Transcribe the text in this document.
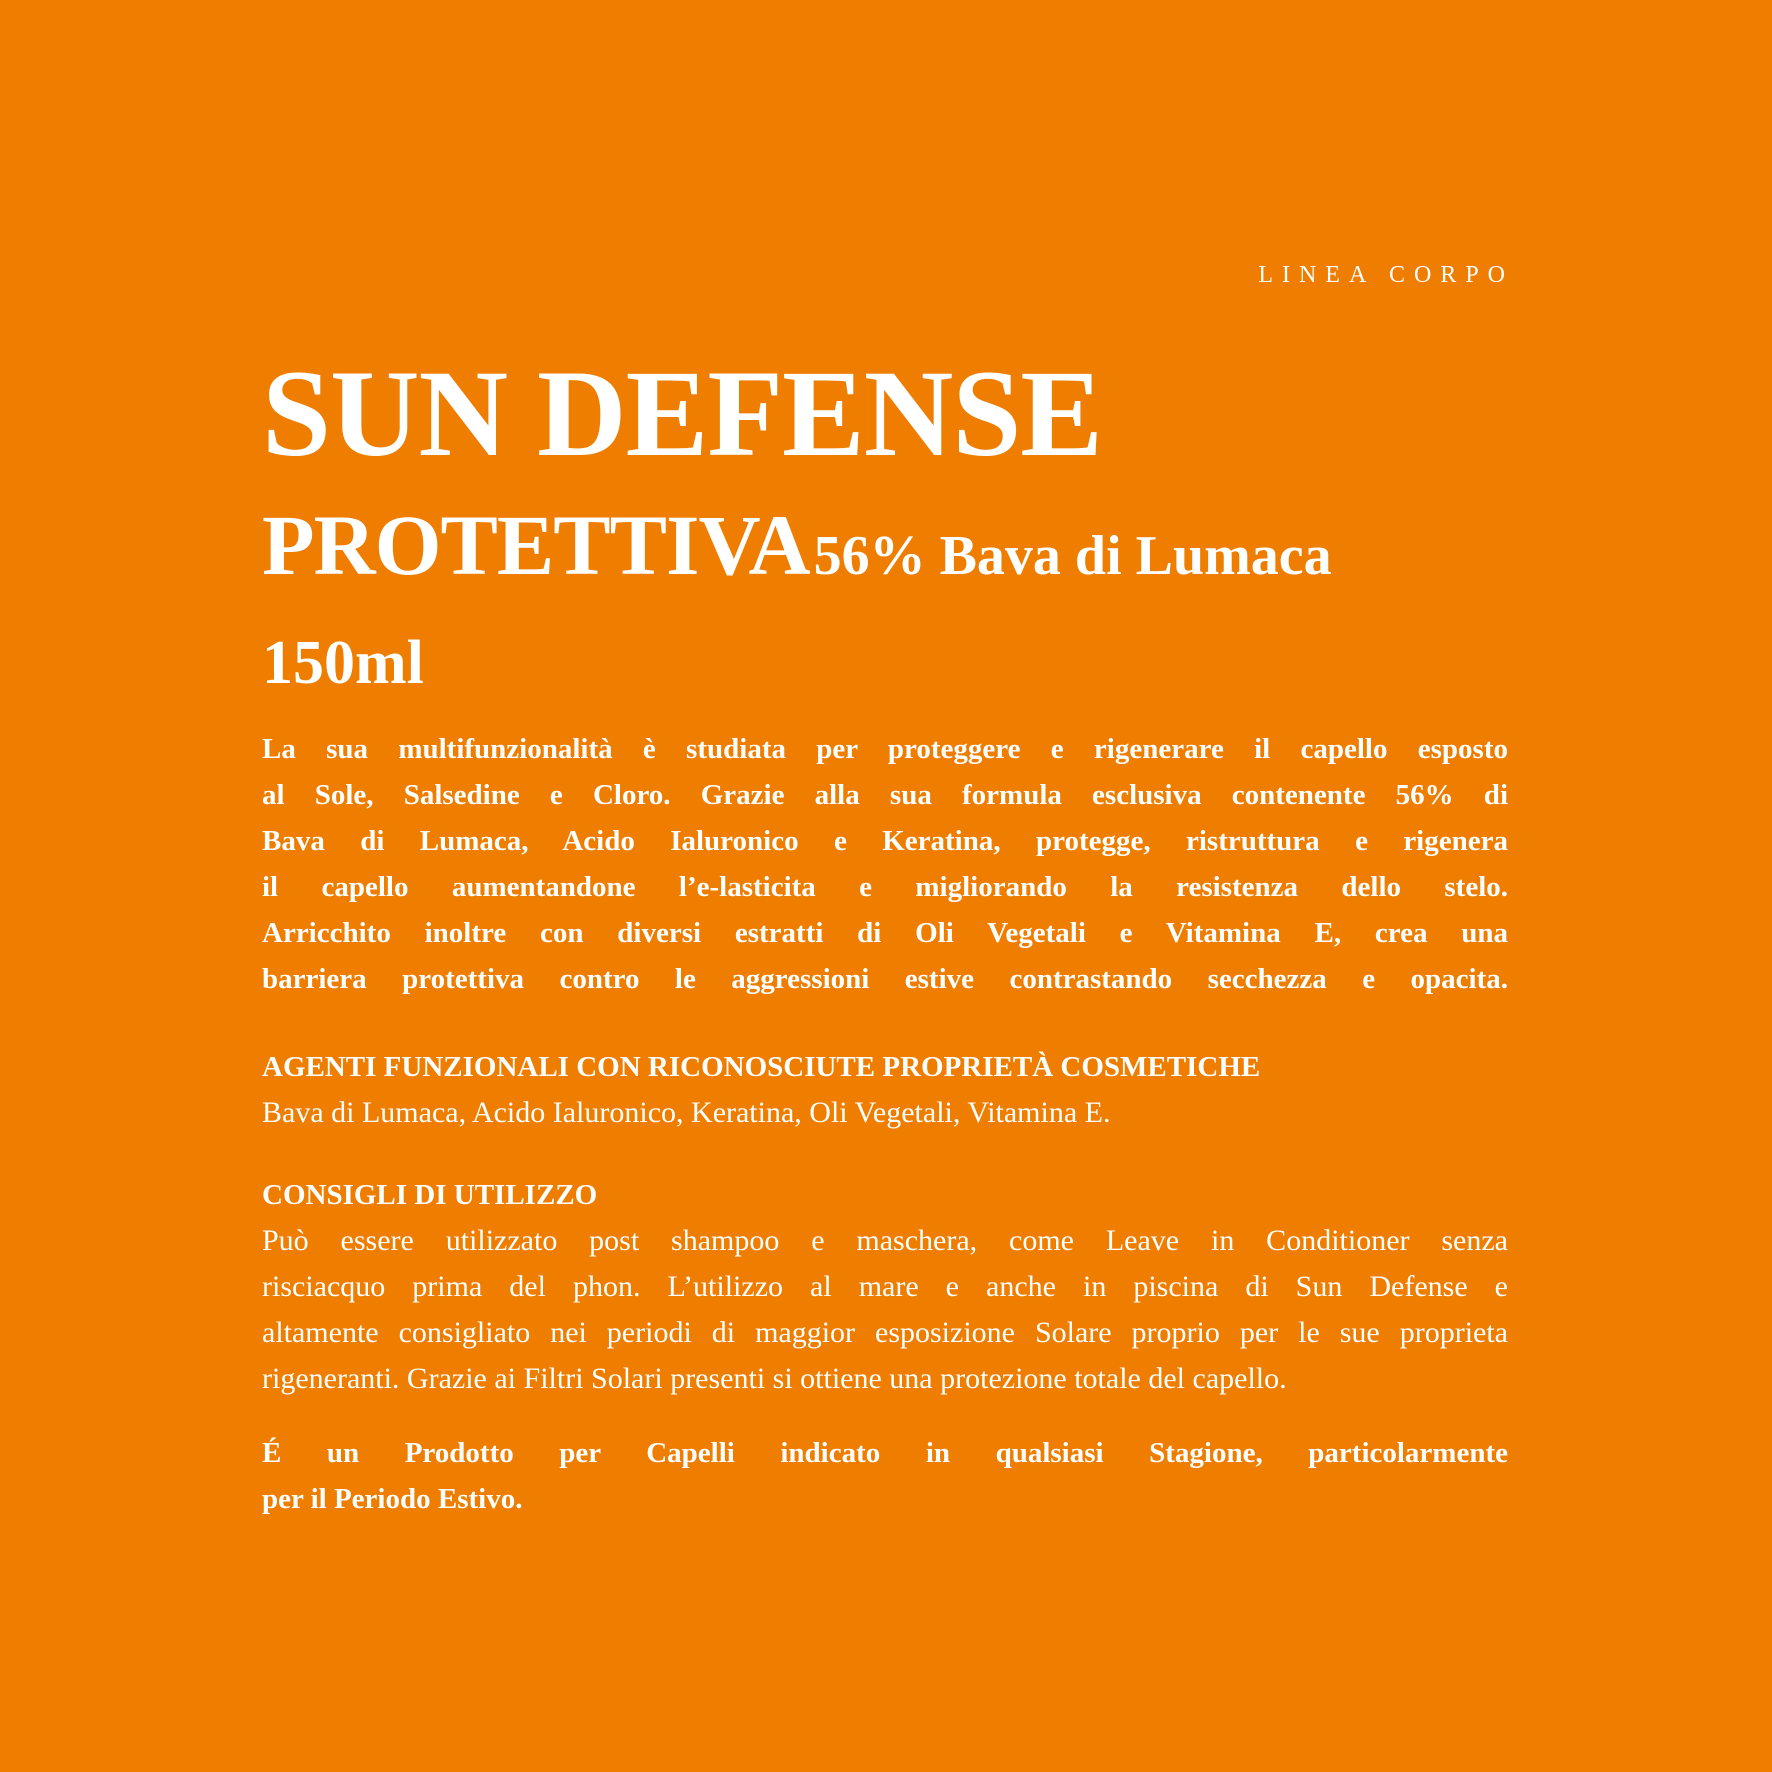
LINEA CORPO
SUN DEFENSE
PROTETTIVA 56% Bava di Lumaca
150ml
La sua multifunzionalità è studiata per proteggere e rigenerare il capello esposto
al Sole, Salsedine e Cloro. Grazie alla sua formula esclusiva contenente 56% di
Bava di Lumaca, Acido Ialuronico e Keratina, protegge, ristruttura e rigenera
il capello aumentandone l’e-lasticita e migliorando la resistenza dello stelo.
Arricchito inoltre con diversi estratti di Oli Vegetali e Vitamina E, crea una
barriera protettiva contro le aggressioni estive contrastando secchezza e opacita.
AGENTI FUNZIONALI CON RICONOSCIUTE PROPRIETÀ COSMETICHE
Bava di Lumaca, Acido Ialuronico, Keratina, Oli Vegetali, Vitamina E.
CONSIGLI DI UTILIZZO
Può essere utilizzato post shampoo e maschera, come Leave in Conditioner senza
risciacquo prima del phon. L’utilizzo al mare e anche in piscina di Sun Defense e
altamente consigliato nei periodi di maggior esposizione Solare proprio per le sue proprieta
rigeneranti. Grazie ai Filtri Solari presenti si ottiene una protezione totale del capello.
É un Prodotto per Capelli indicato in qualsiasi Stagione, particolarmente
per il Periodo Estivo.
